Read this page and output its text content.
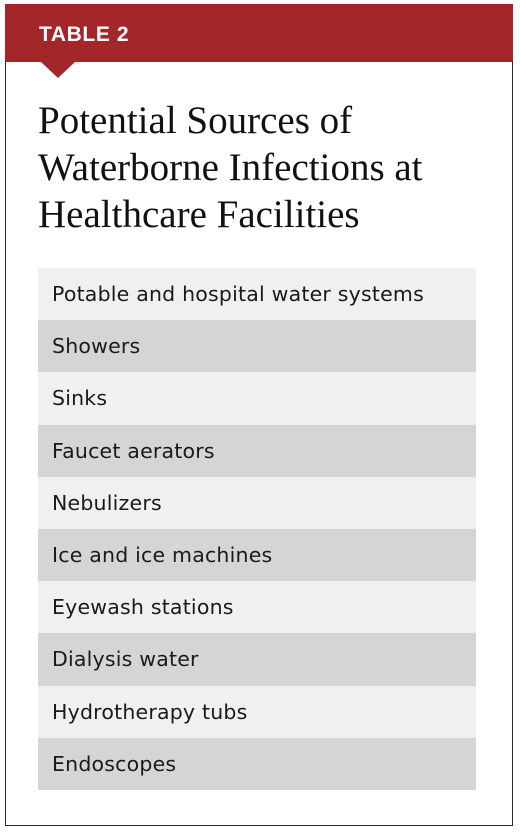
TABLE 2
Potential Sources of Waterborne Infections at Healthcare Facilities
Potable and hospital water systems
Showers
Sinks
Faucet aerators
Nebulizers
Ice and ice machines
Eyewash stations
Dialysis water
Hydrotherapy tubs
Endoscopes
